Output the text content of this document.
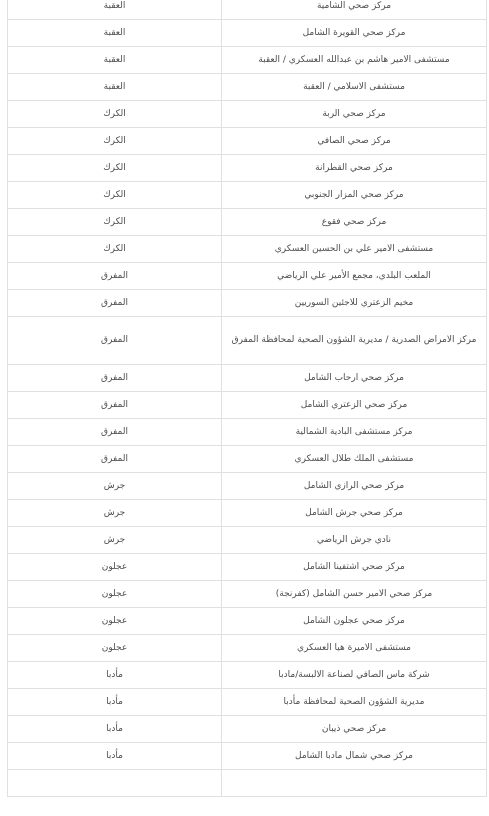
مركز صحي الشامية	العقبة
مركز صحي القويرة الشامل	العقبة
مستشفى الامير هاشم بن عبدالله العسكري / العقبة	العقبة
مستشفى الاسلامي / العقبة	العقبة
مركز صحي الربة	الكرك
مركز صحي الصافي	الكرك
مركز صحي القطرانة	الكرك
مركز صحي المزار الجنوبي	الكرك
مركز صحي فقوع	الكرك
مستشفى الامير علي بن الحسين العسكري	الكرك
الملعب البلدي، مجمع الأمير علي الرياضي	المفرق
مخيم الزعتري للاجئين السوريين	المفرق
مركز الامراض الصدرية / مديرية الشؤون الصحية لمحافظة المفرق	المفرق
مركز صحي ارحاب الشامل	المفرق
مركز صحي الزعتري الشامل	المفرق
مركز مستشفى البادية الشمالية	المفرق
مستشفى الملك طلال العسكري	المفرق
مركز صحي الرازي الشامل	جرش
مركز صحي جرش الشامل	جرش
نادي جرش الرياضي	جرش
مركز صحي اشتفينا الشامل	عجلون
مركز صحي الامير حسن الشامل (كفرنجة)	عجلون
مركز صحي عجلون الشامل	عجلون
مستشفى الاميرة هيا العسكري	عجلون
شركة ماس الصافي لصناعة الالبسة/مادبا	مأدبا
مديرية الشؤون الصحية لمحافظة مأدبا	مأدبا
مركز صحي ذيبان	مأدبا
مركز صحي شمال مادبا الشامل	مأدبا
